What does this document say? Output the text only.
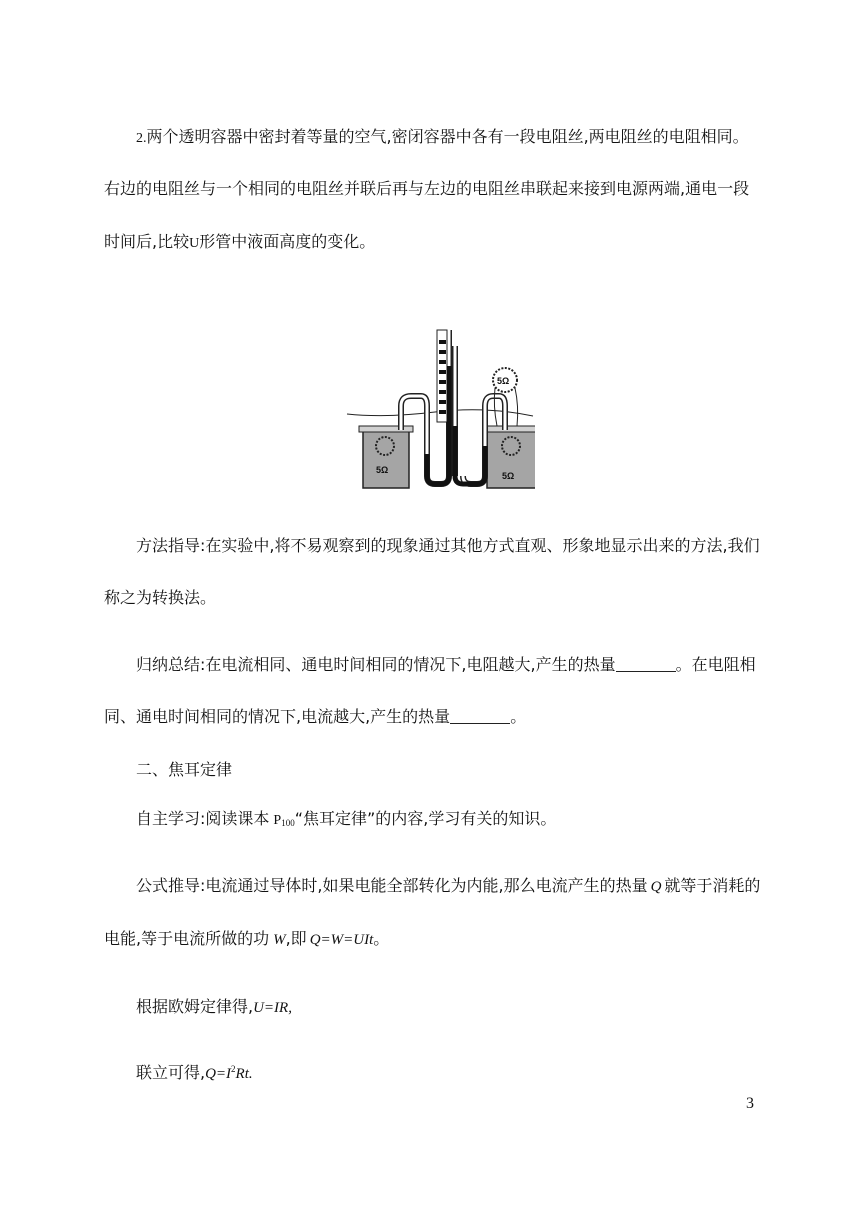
2.两个透明容器中密封着等量的空气,密闭容器中各有一段电阻丝,两电阻丝的电阻相同。
右边的电阻丝与一个相同的电阻丝并联后再与左边的电阻丝串联起来接到电源两端,通电一段
时间后,比较U形管中液面高度的变化。
5Ω
5Ω
5Ω
方法指导:在实验中,将不易观察到的现象通过其他方式直观、形象地显示出来的方法,我们
称之为转换法。
归纳总结:在电流相同、通电时间相同的情况下,电阻越大,产生的热量	。在电阻相
同、通电时间相同的情况下,电流越大,产生的热量	。
二、焦耳定律
自主学习:阅读课本 $P_{100}“$焦耳定律”的内容,学习有关的知识。
公式推导:电流通过导体时,如果电能全部转化为内能,那么电流产生的热量 Q 就等于消耗的
电能,等于电流所做的功 W,即 Q=W=UIt。
根据欧姆定律得,U=IR,
联立可得$,Q=I^2Rt$.
3
